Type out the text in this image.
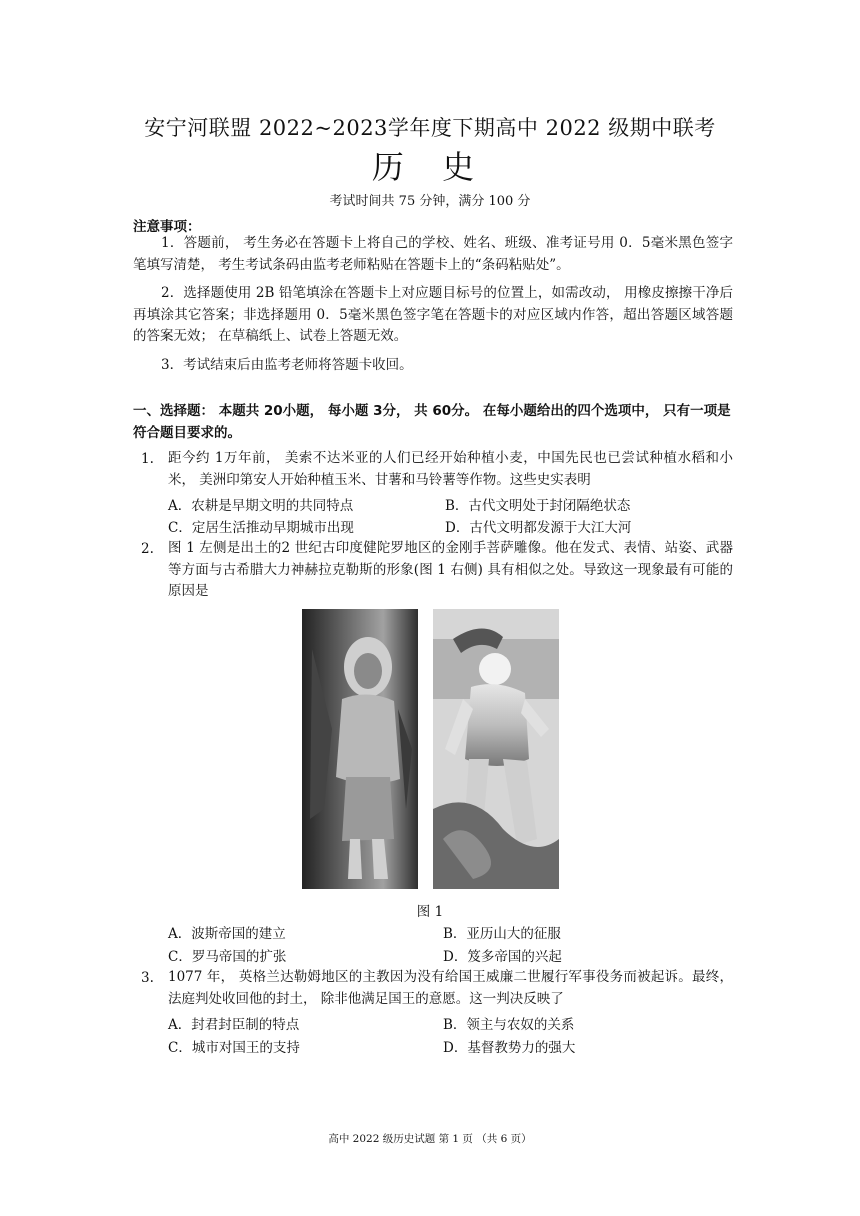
安宁河联盟 2022~2023学年度下期高中 2022 级期中联考
历 史
考试时间共 75 分钟，满分 100 分
注意事项：
1．答题前， 考生务必在答题卡上将自己的学校、姓名、班级、准考证号用 0．5毫米黑色签字笔填写清楚， 考生考试条码由监考老师粘贴在答题卡上的“条码粘贴处”。
2．选择题使用 2B 铅笔填涂在答题卡上对应题目标号的位置上，如需改动， 用橡皮擦擦干净后再填涂其它答案；非选择题用 0．5毫米黑色签字笔在答题卡的对应区域内作答，超出答题区域答题的答案无效； 在草稿纸上、试卷上答题无效。
3．考试结束后由监考老师将答题卡收回。
一、选择题： 本题共 20小题， 每小题 3分， 共 60分。 在每小题给出的四个选项中， 只有一项是符合题目要求的。
1. 距今约 1万年前， 美索不达米亚的人们已经开始种植小麦，中国先民也已尝试种植水稻和小米， 美洲印第安人开始种植玉米、甘薯和马铃薯等作物。这些史实表明
A．农耕是早期文明的共同特点	B．古代文明处于封闭隔绝状态
C．定居生活推动早期城市出现	D．古代文明都发源于大江大河
2. 图 1 左侧是出土的2 世纪古印度健陀罗地区的金刚手菩萨雕像。他在发式、表情、站姿、武器等方面与古希腊大力神赫拉克勒斯的形象(图 1 右侧) 具有相似之处。导致这一现象最有可能的原因是
图 1
A．波斯帝国的建立	B．亚历山大的征服
C．罗马帝国的扩张	D．笈多帝国的兴起
3. 1077 年， 英格兰达勒姆地区的主教因为没有给国王威廉二世履行军事役务而被起诉。最终， 法庭判处收回他的封土， 除非他满足国王的意愿。这一判决反映了
A．封君封臣制的特点	B．领主与农奴的关系
C．城市对国王的支持	D．基督教势力的强大
高中 2022 级历史试题 第 1 页 （共 6 页）
